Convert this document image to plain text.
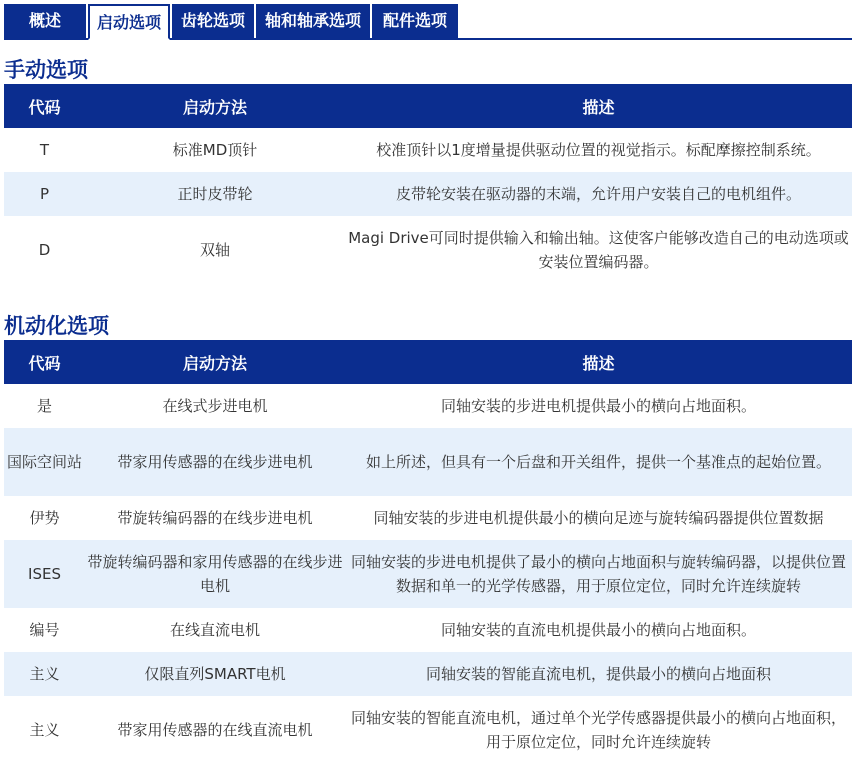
概述	启动选项	齿轮选项	轴和轴承选项	配件选项
手动选项
代码	启动方法	描述
T	标准MD顶针	校准顶针以1度增量提供驱动位置的视觉指示。标配摩擦控制系统。
P	正时皮带轮	皮带轮安装在驱动器的末端，允许用户安装自己的电机组件。
D	双轴	Magi Drive可同时提供输入和输出轴。这使客户能够改造自己的电动选项或安装位置编码器。
机动化选项
代码	启动方法	描述
是	在线式步进电机	同轴安装的步进电机提供最小的横向占地面积。
国际空间站	带家用传感器的在线步进电机	如上所述，但具有一个后盘和开关组件，提供一个基准点的起始位置。
伊势	带旋转编码器的在线步进电机	同轴安装的步进电机提供最小的横向足迹与旋转编码器提供位置数据
ISES	带旋转编码器和家用传感器的在线步进电机	同轴安装的步进电机提供了最小的横向占地面积与旋转编码器，以提供位置数据和单一的光学传感器，用于原位定位，同时允许连续旋转
编号	在线直流电机	同轴安装的直流电机提供最小的横向占地面积。
主义	仅限直列SMART电机	同轴安装的智能直流电机，提供最小的横向占地面积
主义	带家用传感器的在线直流电机	同轴安装的智能直流电机，通过单个光学传感器提供最小的横向占地面积，用于原位定位，同时允许连续旋转
